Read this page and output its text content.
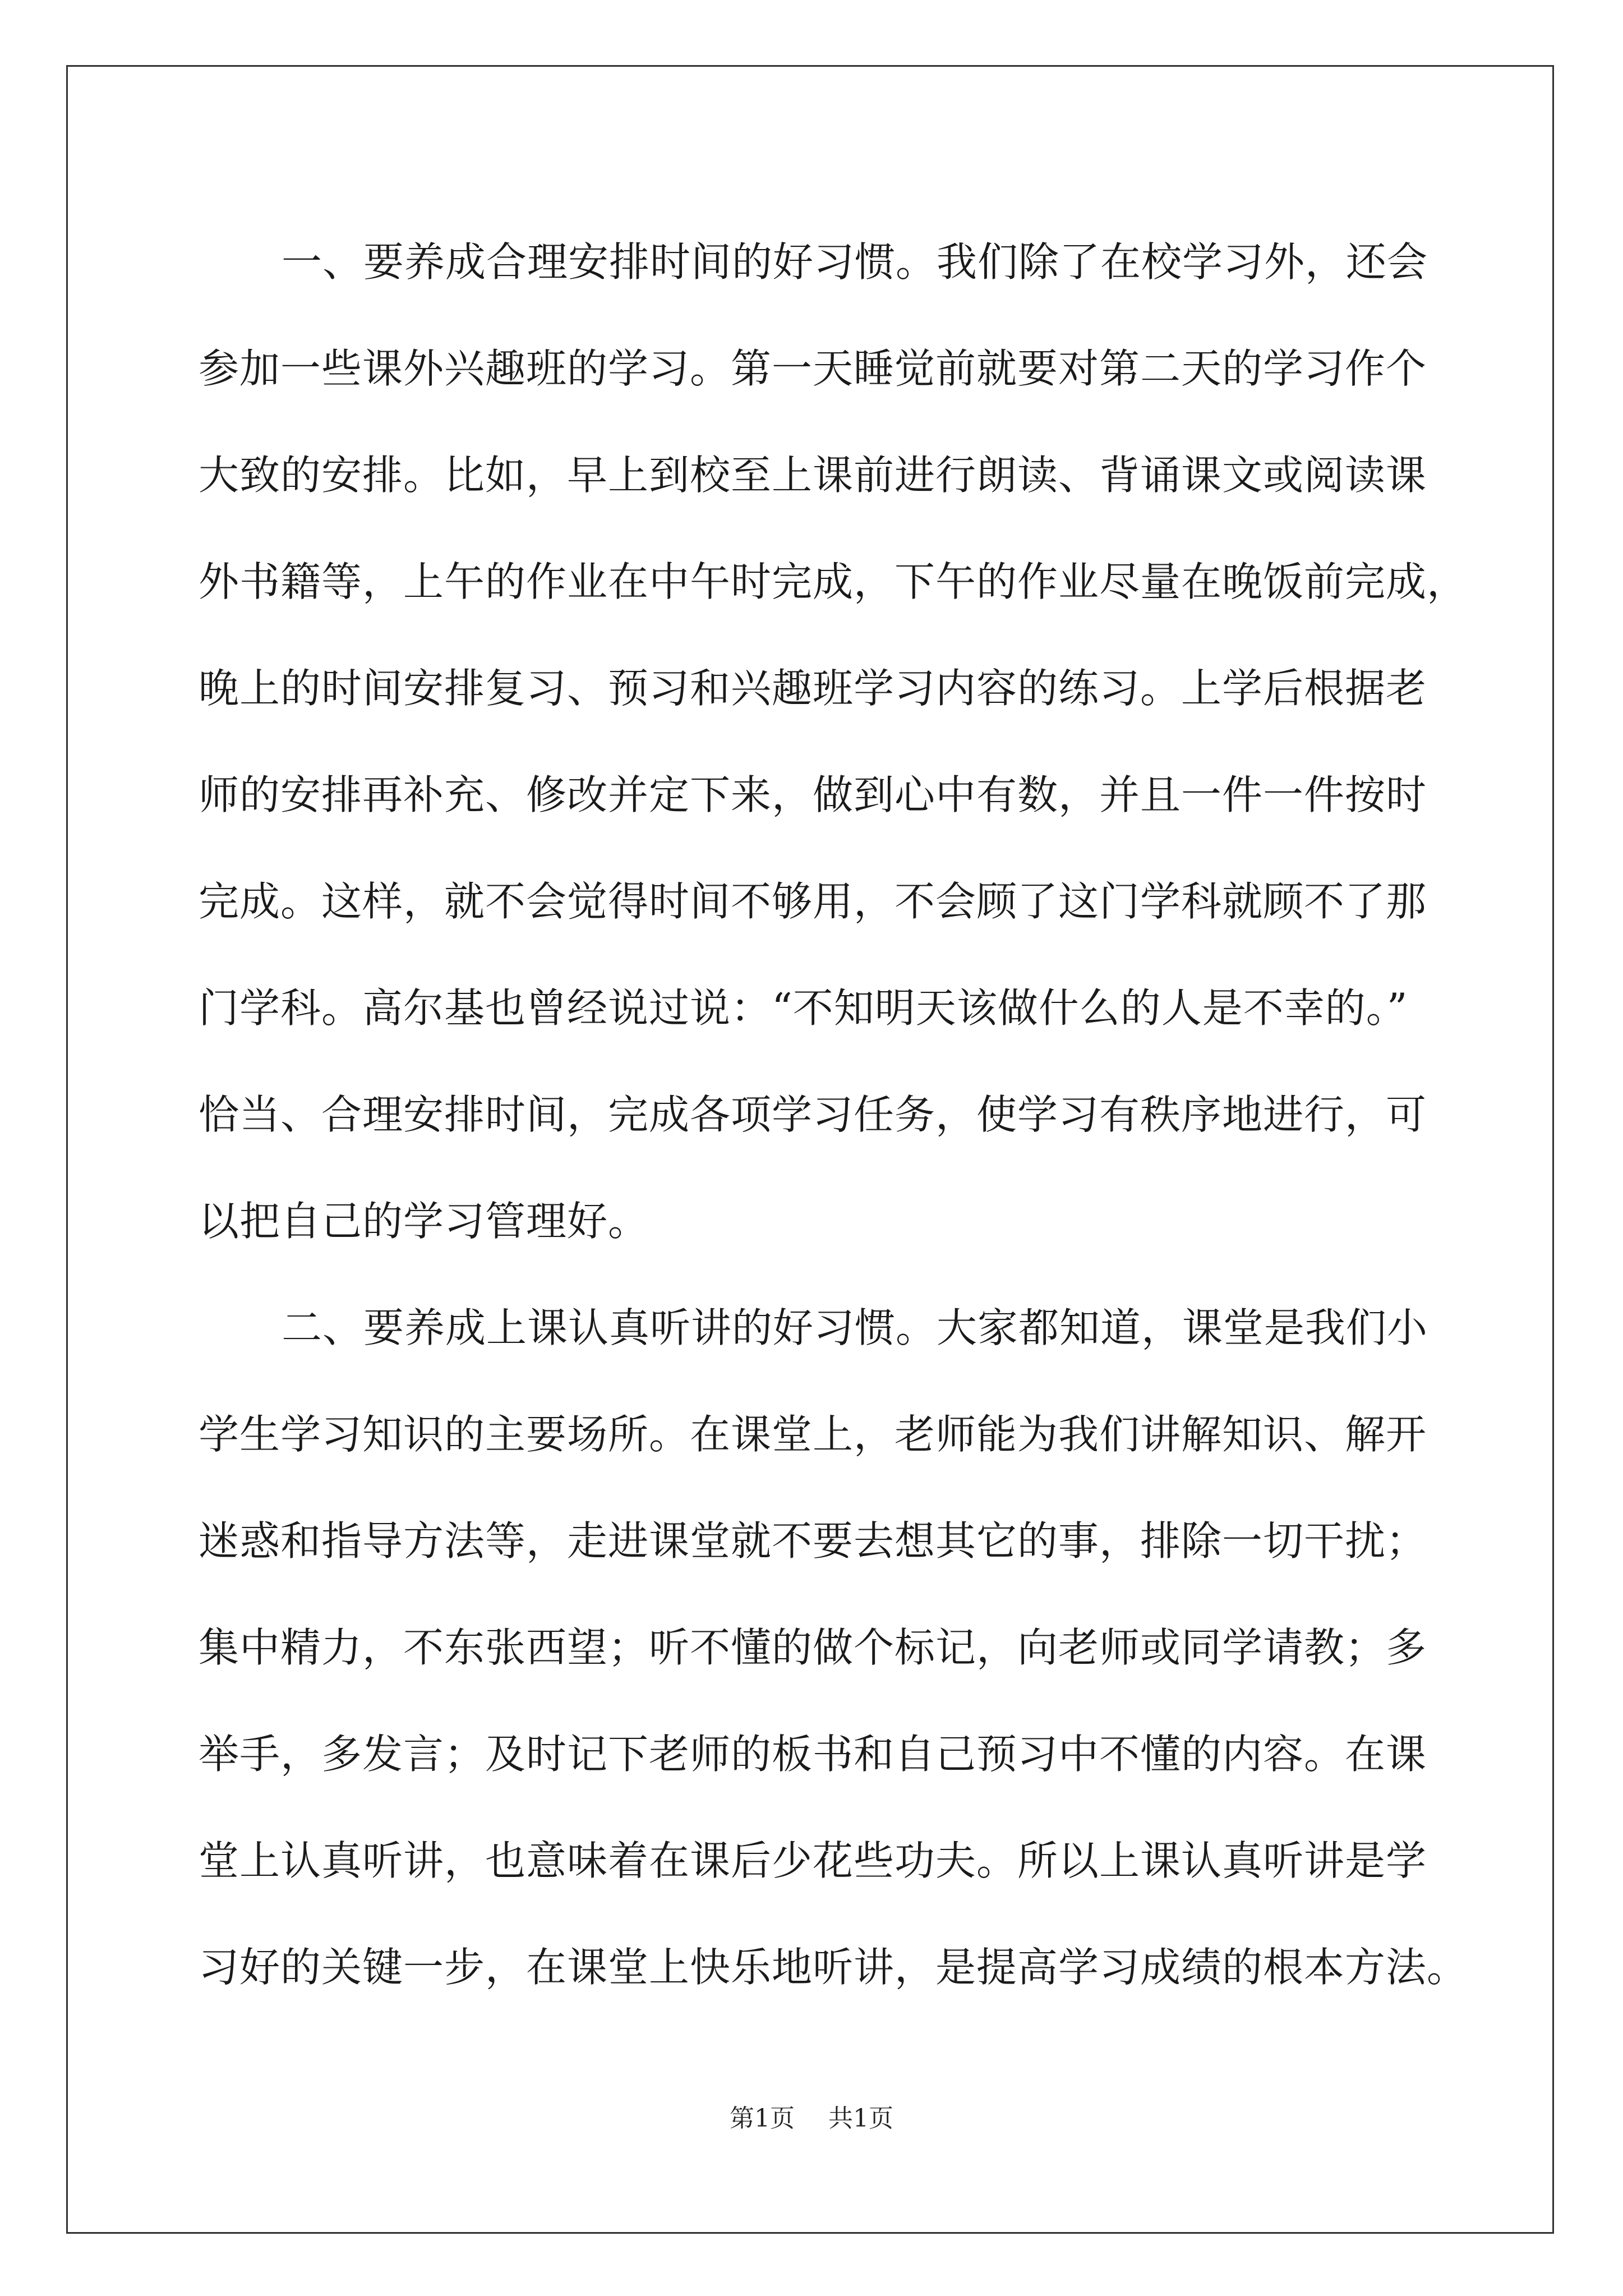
一、要养成合理安排时间的好习惯。我们除了在校学习外，还会
参加一些课外兴趣班的学习。第一天睡觉前就要对第二天的学习作个
大致的安排。比如，早上到校至上课前进行朗读、背诵课文或阅读课
外书籍等，上午的作业在中午时完成，下午的作业尽量在晚饭前完成，
晚上的时间安排复习、预习和兴趣班学习内容的练习。上学后根据老
师的安排再补充、修改并定下来，做到心中有数，并且一件一件按时
完成。这样，就不会觉得时间不够用，不会顾了这门学科就顾不了那
门学科。高尔基也曾经说过说：“不知明天该做什么的人是不幸的。”
恰当、合理安排时间，完成各项学习任务，使学习有秩序地进行，可
以把自己的学习管理好。

二、要养成上课认真听讲的好习惯。大家都知道，课堂是我们小
学生学习知识的主要场所。在课堂上，老师能为我们讲解知识、解开
迷惑和指导方法等，走进课堂就不要去想其它的事，排除一切干扰；
集中精力，不东张西望；听不懂的做个标记，向老师或同学请教；多
举手，多发言；及时记下老师的板书和自己预习中不懂的内容。在课
堂上认真听讲，也意味着在课后少花些功夫。所以上课认真听讲是学
习好的关键一步，在课堂上快乐地听讲，是提高学习成绩的根本方法。

第1页 共1页
